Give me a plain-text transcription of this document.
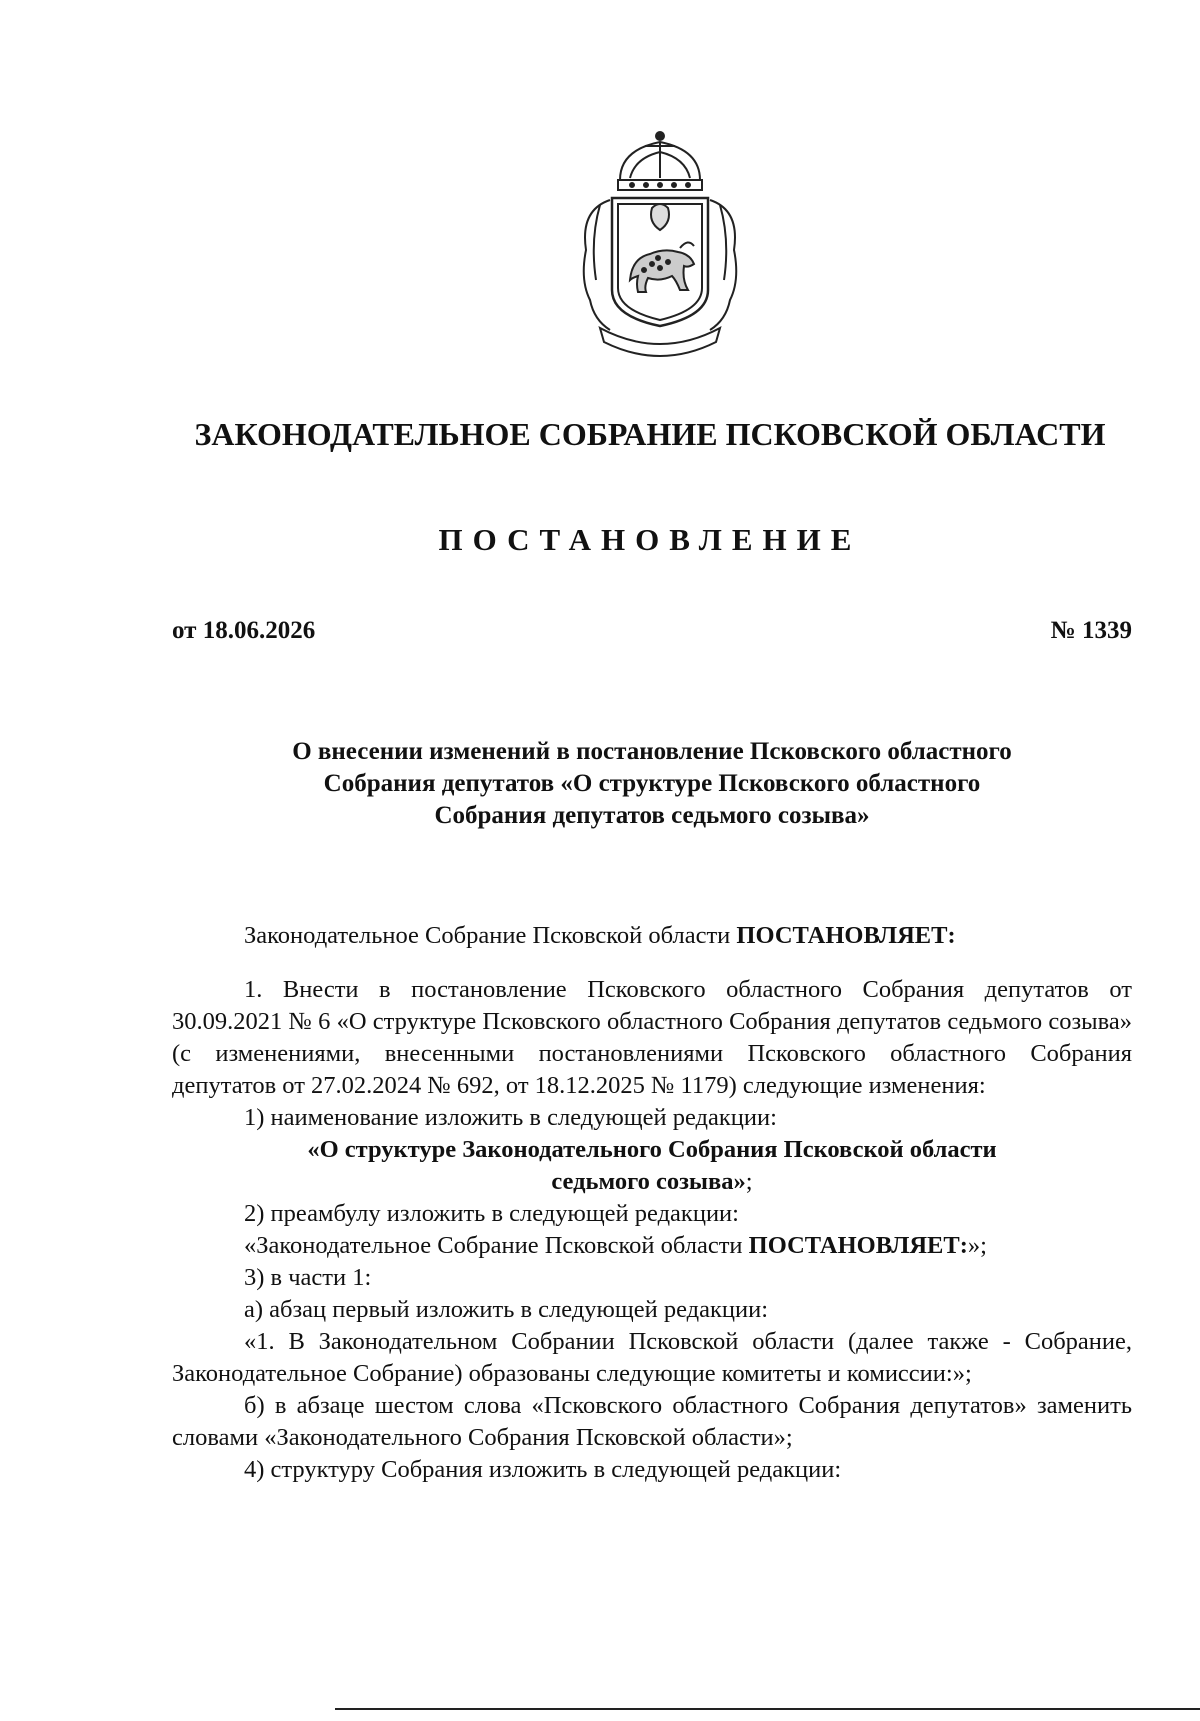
ЗАКОНОДАТЕЛЬНОЕ СОБРАНИЕ ПСКОВСКОЙ ОБЛАСТИ
ПОСТАНОВЛЕНИЕ
от 18.06.2026	№ 1339
О внесении изменений в постановление Псковского областного
Собрания депутатов «О структуре Псковского областного
Собрания депутатов седьмого созыва»

Законодательное Собрание Псковской области ПОСТАНОВЛЯЕТ:

1. Внести в постановление Псковского областного Собрания депутатов от 30.09.2021 № 6 «О структуре Псковского областного Собрания депутатов седьмого созыва» (с изменениями, внесенными постановлениями Псковского областного Собрания депутатов от 27.02.2024 № 692, от 18.12.2025 № 1179) следующие изменения:

1) наименование изложить в следующей редакции:

«О структуре Законодательного Собрания Псковской области

седьмого созыва»;

2) преамбулу изложить в следующей редакции:

«Законодательное Собрание Псковской области ПОСТАНОВЛЯЕТ:»;

3) в части 1:

а) абзац первый изложить в следующей редакции:

«1. В Законодательном Собрании Псковской области (далее также - Собрание, Законодательное Собрание) образованы следующие комитеты и комиссии:»;

б) в абзаце шестом слова «Псковского областного Собрания депутатов» заменить словами «Законодательного Собрания Псковской области»;

4) структуру Собрания изложить в следующей редакции:
